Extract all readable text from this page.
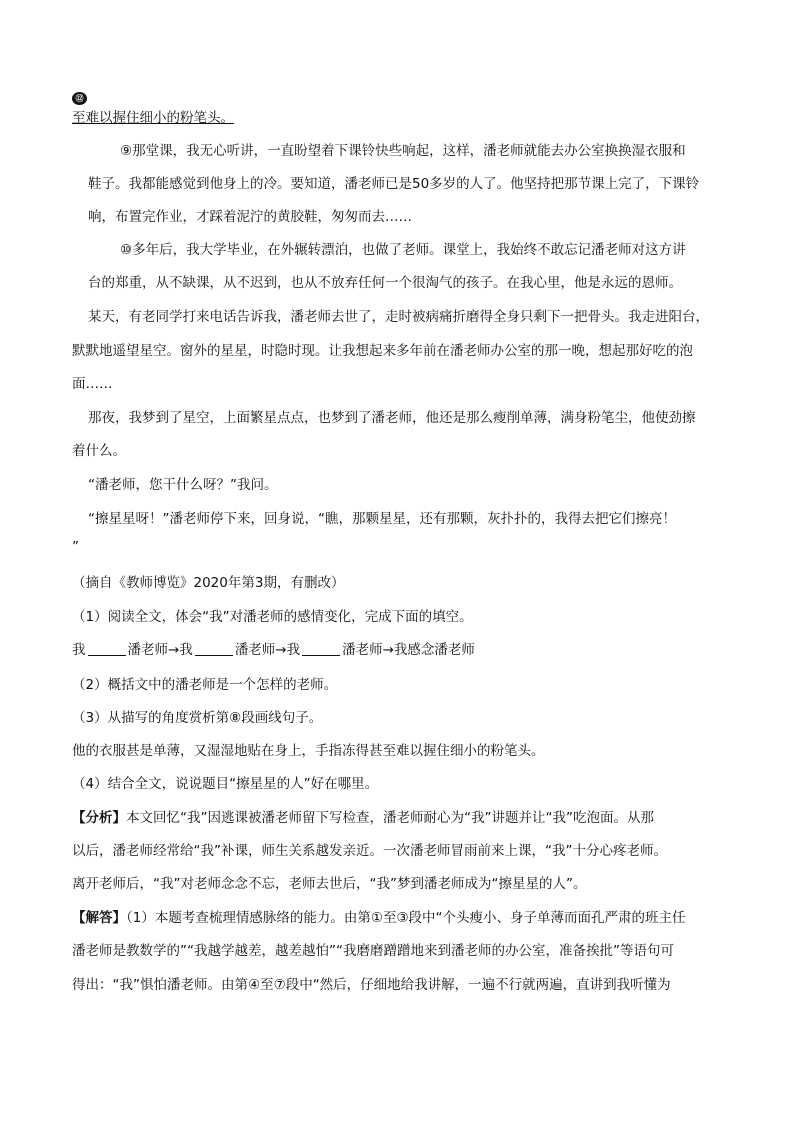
⑫
至难以握住细小的粉笔头。
⑨那堂课，我无心听讲，一直盼望着下课铃快些响起，这样，潘老师就能去办公室换换湿衣服和
鞋子。我都能感觉到他身上的冷。要知道，潘老师已是50多岁的人了。他坚持把那节课上完了，下课铃
响，布置完作业，才踩着泥泞的黄胶鞋，匆匆而去……
⑩多年后，我大学毕业，在外辗转漂泊，也做了老师。课堂上，我始终不敢忘记潘老师对这方讲
台的郑重，从不缺课，从不迟到，也从不放弃任何一个很淘气的孩子。在我心里，他是永远的恩师。
某天，有老同学打来电话告诉我，潘老师去世了，走时被病痛折磨得全身只剩下一把骨头。我走进阳台，
默默地遥望星空。窗外的星星，时隐时现。让我想起来多年前在潘老师办公室的那一晚，想起那好吃的泡
面……
那夜，我梦到了星空，上面繁星点点，也梦到了潘老师，他还是那么瘦削单薄，满身粉笔尘，他使劲擦
着什么。
“潘老师，您干什么呀？”我问。
“擦星星呀！”潘老师停下来，回身说，“瞧，那颗星星，还有那颗，灰扑扑的，我得去把它们擦亮！
”
（摘自《教师博览》2020年第3期，有删改）
（1）阅读全文，体会“我”对潘老师的感情变化，完成下面的填空。
我	潘老师→我	潘老师→我	潘老师→我感念潘老师
（2）概括文中的潘老师是一个怎样的老师。
（3）从描写的角度赏析第⑧段画线句子。
他的衣服甚是单薄，又湿湿地贴在身上，手指冻得甚至难以握住细小的粉笔头。
（4）结合全文，说说题目“擦星星的人”好在哪里。
【分析】本文回忆“我”因逃课被潘老师留下写检查，潘老师耐心为“我”讲题并让“我”吃泡面。从那
以后，潘老师经常给“我”补课，师生关系越发亲近。一次潘老师冒雨前来上课，“我”十分心疼老师。
离开老师后，“我”对老师念念不忘，老师去世后，“我”梦到潘老师成为“擦星星的人”。
【解答】（1）本题考查梳理情感脉络的能力。由第①至③段中“个头瘦小、身子单薄而面孔严肃的班主任
潘老师是教数学的”“我越学越差，越差越怕”“我磨磨蹭蹭地来到潘老师的办公室，准备挨批”等语句可
得出：“我”惧怕潘老师。由第④至⑦段中“然后，仔细地给我讲解，一遍不行就两遍，直讲到我听懂为
